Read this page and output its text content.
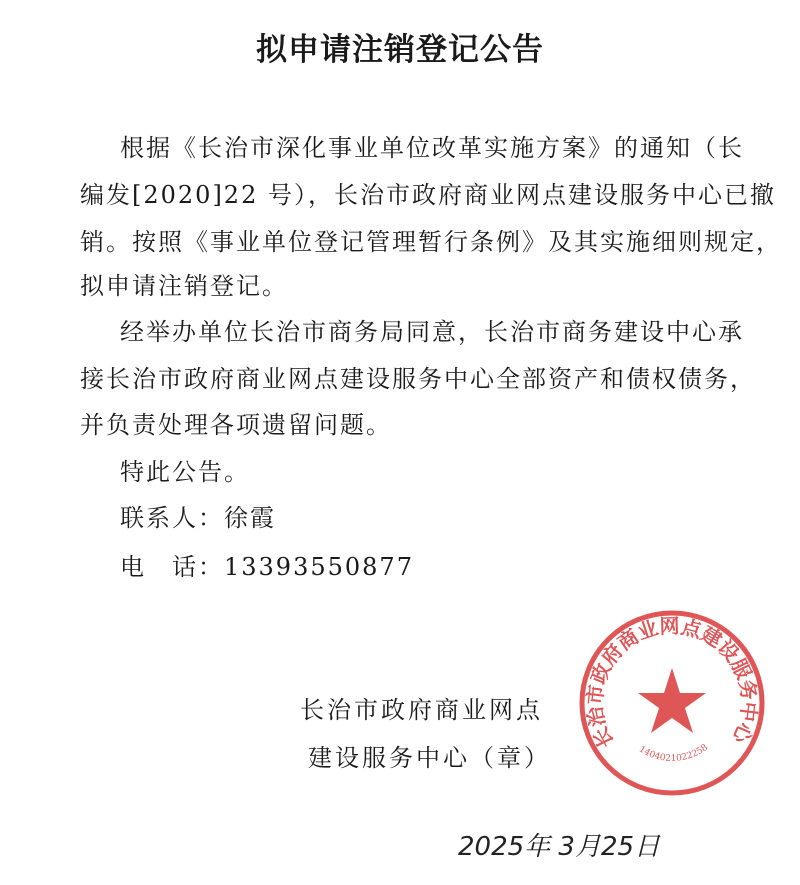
拟申请注销登记公告
根据《长治市深化事业单位改革实施方案》的通知（长
编发[2020]22 号），长治市政府商业网点建设服务中心已撤
销。按照《事业单位登记管理暂行条例》及其实施细则规定，
拟申请注销登记。
经举办单位长治市商务局同意，长治市商务建设中心承
接长治市政府商业网点建设服务中心全部资产和债权债务，
并负责处理各项遗留问题。
特此公告。
联系人：徐霞
电　话：13393550877
长治市政府商业网点建设服务中心
1404021022258
长治市政府商业网点
建设服务中心（章）
2025年 3月25日
